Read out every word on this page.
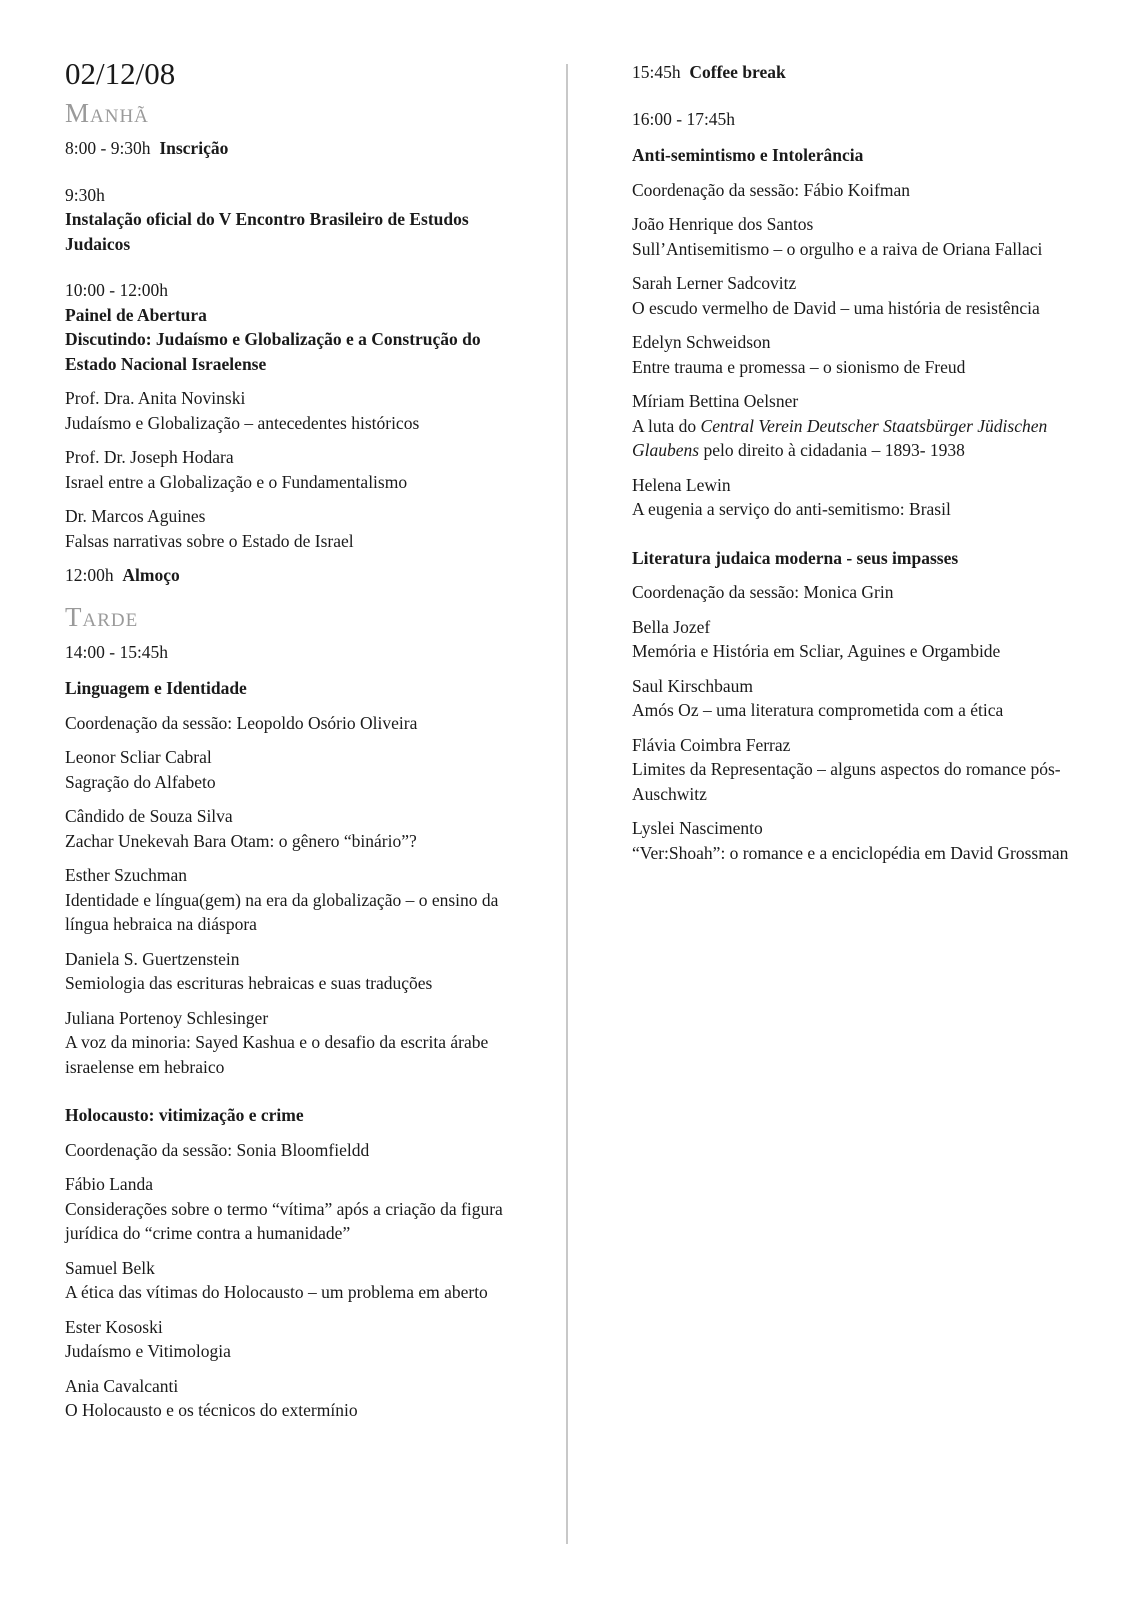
02/12/08
Manhã
8:00 - 9:30h Inscrição
9:30h
Instalação oficial do V Encontro Brasileiro de Estudos Judaicos
10:00 - 12:00h
Painel de Abertura
Discutindo: Judaísmo e Globalização e a Construção do Estado Nacional Israelense
Prof. Dra. Anita Novinski
Judaísmo e Globalização – antecedentes históricos
Prof. Dr. Joseph Hodara
Israel entre a Globalização e o Fundamentalismo
Dr. Marcos Aguines
Falsas narrativas sobre o Estado de Israel
12:00h Almoço
Tarde
14:00 - 15:45h
Linguagem e Identidade
Coordenação da sessão: Leopoldo Osório Oliveira
Leonor Scliar Cabral
Sagração do Alfabeto
Cândido de Souza Silva
Zachar Unekevah Bara Otam: o gênero “binário”?
Esther Szuchman
Identidade e língua(gem) na era da globalização – o ensino da língua hebraica na diáspora
Daniela S. Guertzenstein
Semiologia das escrituras hebraicas e suas traduções
Juliana Portenoy Schlesinger
A voz da minoria: Sayed Kashua e o desafio da escrita árabe israelense em hebraico
Holocausto: vitimização e crime
Coordenação da sessão: Sonia Bloomfieldd
Fábio Landa
Considerações sobre o termo “vítima” após a criação da figura jurídica do “crime contra a humanidade”
Samuel Belk
A ética das vítimas do Holocausto – um problema em aberto
Ester Kososki
Judaísmo e Vitimologia
Ania Cavalcanti
O Holocausto e os técnicos do extermínio
15:45h Coffee break
16:00 - 17:45h
Anti-semintismo e Intolerância
Coordenação da sessão: Fábio Koifman
João Henrique dos Santos
Sull’Antisemitismo – o orgulho e a raiva de Oriana Fallaci
Sarah Lerner Sadcovitz
O escudo vermelho de David – uma história de resistência
Edelyn Schweidson
Entre trauma e promessa – o sionismo de Freud
Míriam Bettina Oelsner
A luta do Central Verein Deutscher Staatsbürger Jüdischen Glaubens pelo direito à cidadania – 1893- 1938
Helena Lewin
A eugenia a serviço do anti-semitismo: Brasil
Literatura judaica moderna - seus impasses
Coordenação da sessão: Monica Grin
Bella Jozef
Memória e História em Scliar, Aguines e Orgambide
Saul Kirschbaum
Amós Oz – uma literatura comprometida com a ética
Flávia Coimbra Ferraz
Limites da Representação – alguns aspectos do romance pós-Auschwitz
Lyslei Nascimento
“Ver:Shoah”: o romance e a enciclopédia em David Grossman
